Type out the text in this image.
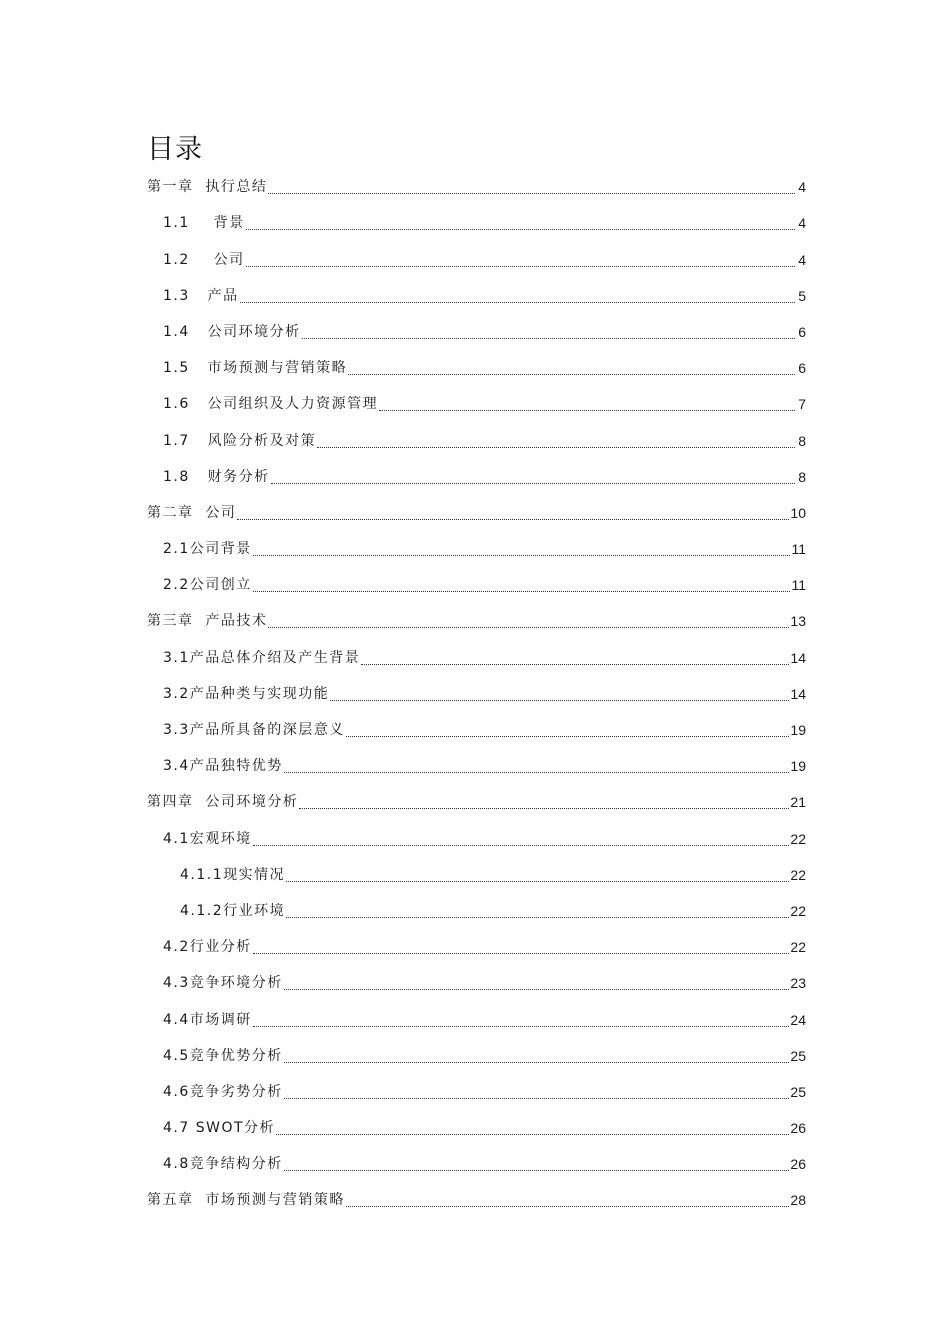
目录
第一章  执行总结	4
1.1    背景	4
1.2    公司	4
1.3   产品	5
1.4   公司环境分析	6
1.5   市场预测与营销策略	6
1.6   公司组织及人力资源管理	7
1.7   风险分析及对策	8
1.8   财务分析	8
第二章  公司	10
2.1公司背景	11
2.2公司创立	11
第三章  产品技术	13
3.1产品总体介绍及产生背景	14
3.2产品种类与实现功能	14
3.3产品所具备的深层意义	19
3.4产品独特优势	19
第四章  公司环境分析	21
4.1宏观环境	22
4.1.1现实情况	22
4.1.2行业环境	22
4.2行业分析	22
4.3竞争环境分析	23
4.4市场调研	24
4.5竞争优势分析	25
4.6竞争劣势分析	25
4.7 SWOT分析	26
4.8竞争结构分析	26
第五章  市场预测与营销策略	28
